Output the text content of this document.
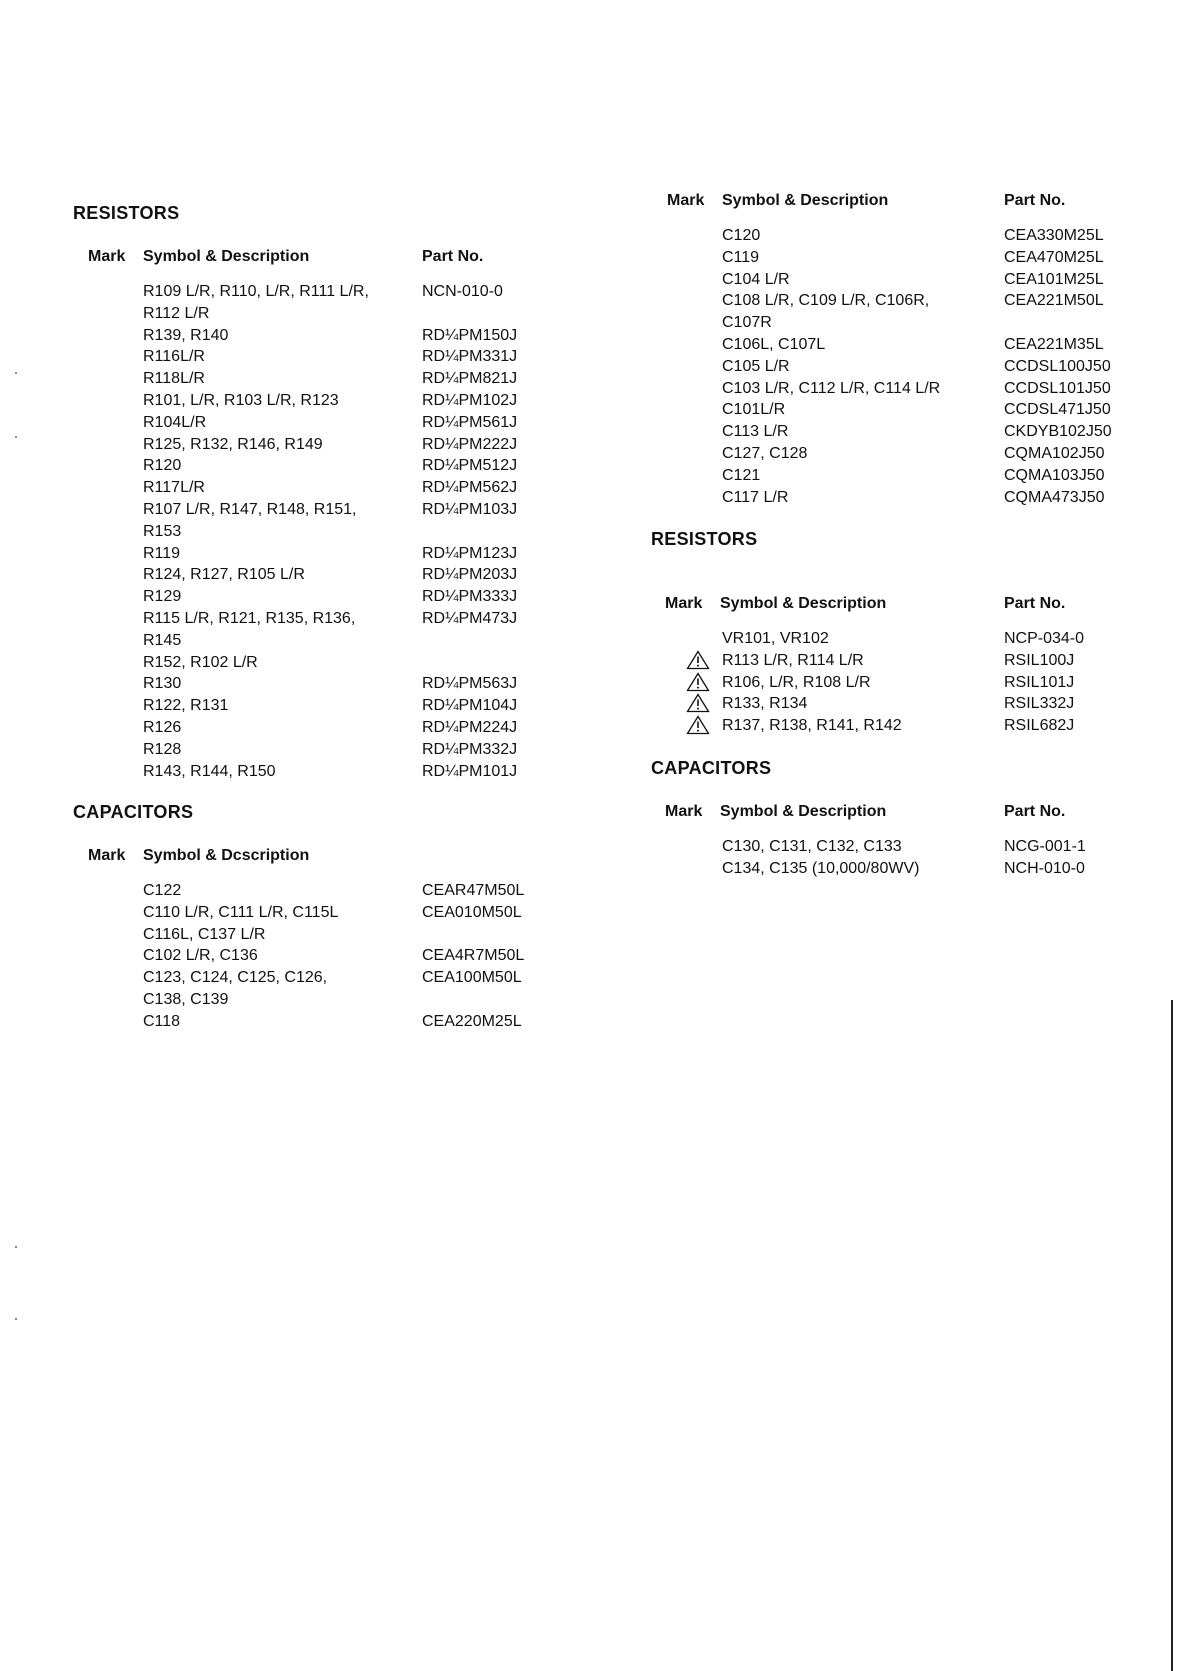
RESISTORS
Mark Symbol & Description	Part No.
R109 L/R, R110, L/R, R111 L/R,	NCN-010-0
R112 L/R
R139, R140	RD¼PM150J
R116L/R	RD¼PM331J
R118L/R	RD¼PM821J
R101, L/R, R103 L/R, R123	RD¼PM102J
R104L/R	RD¼PM561J
R125, R132, R146, R149	RD¼PM222J
R120	RD¼PM512J
R117L/R	RD¼PM562J
R107 L/R, R147, R148, R151,	RD¼PM103J
R153
R119	RD¼PM123J
R124, R127, R105 L/R	RD¼PM203J
R129	RD¼PM333J
R115 L/R, R121, R135, R136,	RD¼PM473J
R145
R152, R102 L/R
R130	RD¼PM563J
R122, R131	RD¼PM104J
R126	RD¼PM224J
R128	RD¼PM332J
R143, R144, R150	RD¼PM101J
CAPACITORS
Mark Symbol & Dcscription
C122	CEAR47M50L
C110 L/R, C111 L/R, C115L	CEA010M50L
C116L, C137 L/R
C102 L/R, C136	CEA4R7M50L
C123, C124, C125, C126,	CEA100M50L
C138, C139
C118	CEA220M25L
Mark Symbol & Description	Part No.
C120	CEA330M25L
C119	CEA470M25L
C104 L/R	CEA101M25L
C108 L/R, C109 L/R, C106R,	CEA221M50L
C107R
C106L, C107L	CEA221M35L
C105 L/R	CCDSL100J50
C103 L/R, C112 L/R, C114 L/R	CCDSL101J50
C101L/R	CCDSL471J50
C113 L/R	CKDYB102J50
C127, C128	CQMA102J50
C121	CQMA103J50
C117 L/R	CQMA473J50
RESISTORS
Mark Symbol & Description	Part No.
VR101, VR102	NCP-034-0
R113 L/R, R114 L/R	RSIL100J
R106, L/R, R108 L/R	RSIL101J
R133, R134	RSIL332J
R137, R138, R141, R142	RSIL682J
CAPACITORS
Mark Symbol & Description	Part No.
C130, C131, C132, C133	NCG-001-1
C134, C135 (10,000/80WV)	NCH-010-0
